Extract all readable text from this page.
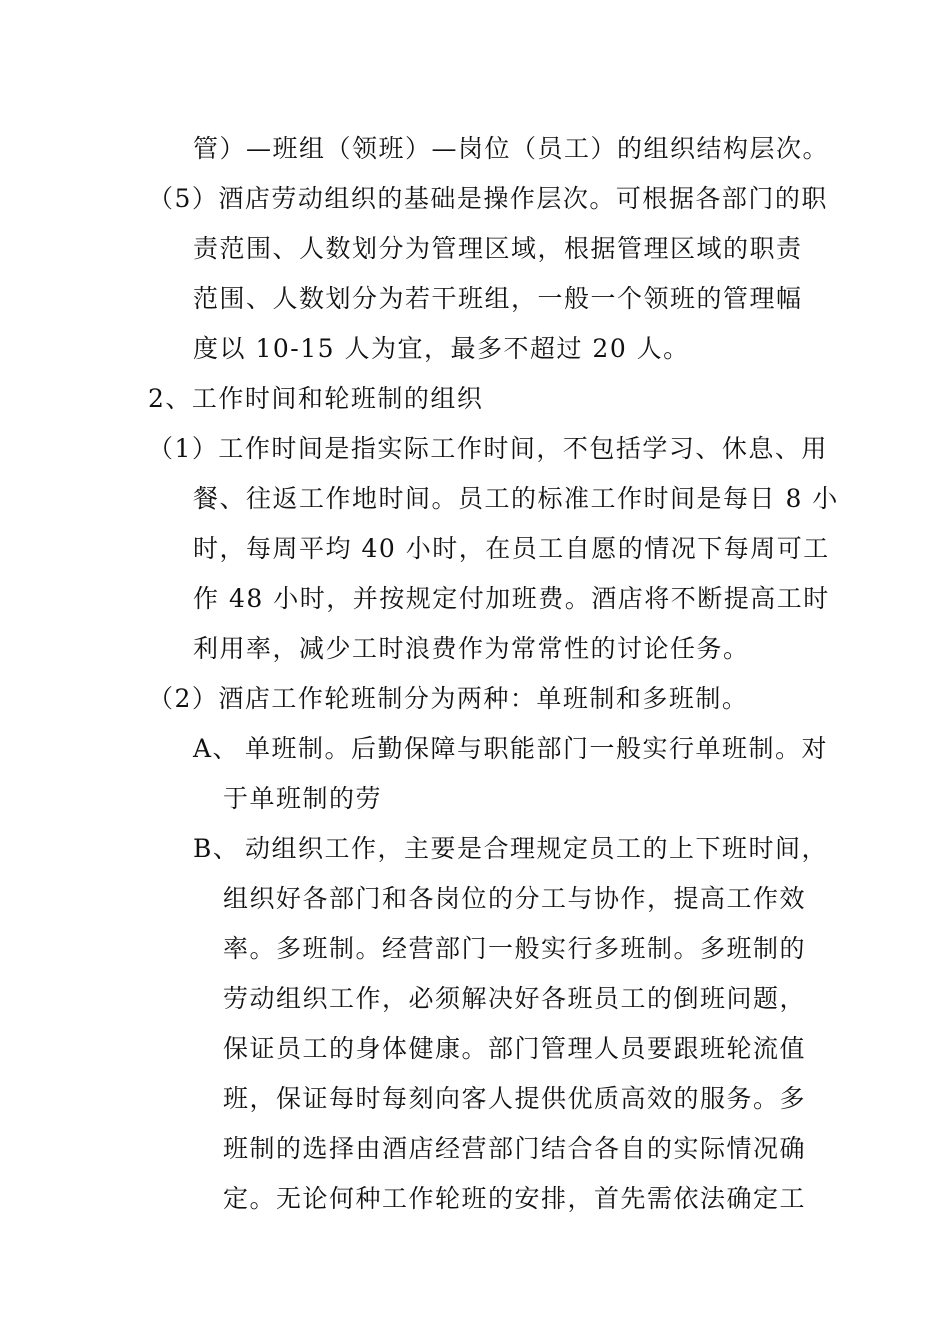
管）—班组（领班）—岗位（员工）的组织结构层次。
（5）酒店劳动组织的基础是操作层次。可根据各部门的职
责范围、人数划分为管理区域，根据管理区域的职责
范围、人数划分为若干班组，一般一个领班的管理幅
度以 10-15 人为宜，最多不超过 20 人。
2、工作时间和轮班制的组织
（1）工作时间是指实际工作时间，不包括学习、休息、用
餐、往返工作地时间。员工的标准工作时间是每日 8 小
时，每周平均 40 小时，在员工自愿的情况下每周可工
作 48 小时，并按规定付加班费。酒店将不断提高工时
利用率，减少工时浪费作为常常性的讨论任务。
（2）酒店工作轮班制分为两种：单班制和多班制。
A、 单班制。后勤保障与职能部门一般实行单班制。对
于单班制的劳
B、 动组织工作，主要是合理规定员工的上下班时间，
组织好各部门和各岗位的分工与协作，提高工作效
率。多班制。经营部门一般实行多班制。多班制的
劳动组织工作，必须解决好各班员工的倒班问题，
保证员工的身体健康。部门管理人员要跟班轮流值
班，保证每时每刻向客人提供优质高效的服务。多
班制的选择由酒店经营部门结合各自的实际情况确
定。无论何种工作轮班的安排，首先需依法确定工
